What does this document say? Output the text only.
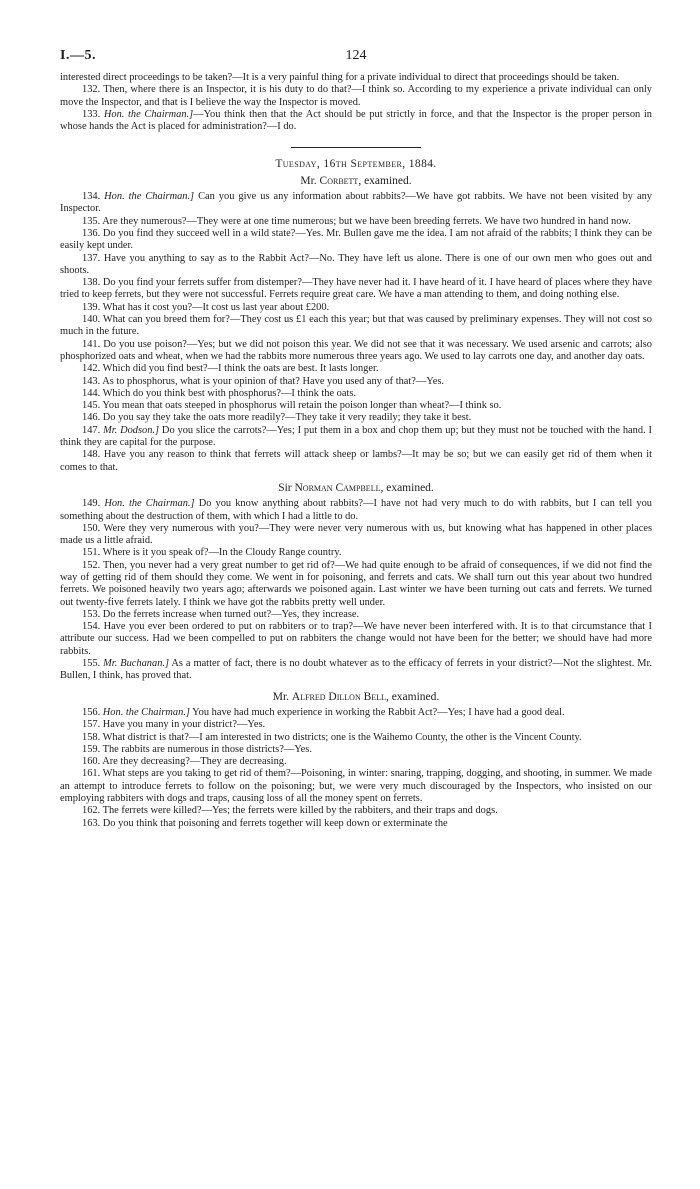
I.—5.	124

interested direct proceedings to be taken?—It is a very painful thing for a private individual to direct that proceedings should be taken.

132. Then, where there is an Inspector, it is his duty to do that?—I think so. According to my experience a private individual can only move the Inspector, and that is I believe the way the Inspector is moved.

133. Hon. the Chairman.]—You think then that the Act should be put strictly in force, and that the Inspector is the proper person in whose hands the Act is placed for administration?—I do.

Tuesday, 16th September, 1884.

Mr. Corbett, examined.

134. Hon. the Chairman.] Can you give us any information about rabbits?—We have got rabbits. We have not been visited by any Inspector.

135. Are they numerous?—They were at one time numerous; but we have been breeding ferrets. We have two hundred in hand now.

136. Do you find they succeed well in a wild state?—Yes. Mr. Bullen gave me the idea. I am not afraid of the rabbits; I think they can be easily kept under.

137. Have you anything to say as to the Rabbit Act?—No. They have left us alone. There is one of our own men who goes out and shoots.

138. Do you find your ferrets suffer from distemper?—They have never had it. I have heard of it. I have heard of places where they have tried to keep ferrets, but they were not successful. Ferrets require great care. We have a man attending to them, and doing nothing else.

139. What has it cost you?—It cost us last year about £200.

140. What can you breed them for?—They cost us £1 each this year; but that was caused by preliminary expenses. They will not cost so much in the future.

141. Do you use poison?—Yes; but we did not poison this year. We did not see that it was necessary. We used arsenic and carrots; also phosphorized oats and wheat, when we had the rabbits more numerous three years ago. We used to lay carrots one day, and another day oats.

142. Which did you find best?—I think the oats are best. It lasts longer.

143. As to phosphorus, what is your opinion of that? Have you used any of that?—Yes.

144. Which do you think best with phosphorus?—I think the oats.

145. You mean that oats steeped in phosphorus will retain the poison longer than wheat?—I think so.

146. Do you say they take the oats more readily?—They take it very readily; they take it best.

147. Mr. Dodson.] Do you slice the carrots?—Yes; I put them in a box and chop them up; but they must not be touched with the hand. I think they are capital for the purpose.

148. Have you any reason to think that ferrets will attack sheep or lambs?—It may be so; but we can easily get rid of them when it comes to that.

Sir Norman Campbell, examined.

149. Hon. the Chairman.] Do you know anything about rabbits?—I have not had very much to do with rabbits, but I can tell you something about the destruction of them, with which I had a little to do.

150. Were they very numerous with you?—They were never very numerous with us, but knowing what has happened in other places made us a little afraid.

151. Where is it you speak of?—In the Cloudy Range country.

152. Then, you never had a very great number to get rid of?—We had quite enough to be afraid of consequences, if we did not find the way of getting rid of them should they come. We went in for poisoning, and ferrets and cats. We shall turn out this year about two hundred ferrets. We poisoned heavily two years ago; afterwards we poisoned again. Last winter we have been turning out cats and ferrets. We turned out twenty-five ferrets lately. I think we have got the rabbits pretty well under.

153. Do the ferrets increase when turned out?—Yes, they increase.

154. Have you ever been ordered to put on rabbiters or to trap?—We have never been interfered with. It is to that circumstance that I attribute our success. Had we been compelled to put on rabbiters the change would not have been for the better; we should have had more rabbits.

155. Mr. Buchanan.] As a matter of fact, there is no doubt whatever as to the efficacy of ferrets in your district?—Not the slightest. Mr. Bullen, I think, has proved that.

Mr. Alfred Dillon Bell, examined.

156. Hon. the Chairman.] You have had much experience in working the Rabbit Act?—Yes; I have had a good deal.

157. Have you many in your district?—Yes.

158. What district is that?—I am interested in two districts; one is the Waihemo County, the other is the Vincent County.

159. The rabbits are numerous in those districts?—Yes.

160. Are they decreasing?—They are decreasing.

161. What steps are you taking to get rid of them?—Poisoning, in winter: snaring, trapping, dogging, and shooting, in summer. We made an attempt to introduce ferrets to follow on the poisoning; but, we were very much discouraged by the Inspectors, who insisted on our employing rabbiters with dogs and traps, causing loss of all the money spent on ferrets.

162. The ferrets were killed?—Yes; the ferrets were killed by the rabbiters, and their traps and dogs.

163. Do you think that poisoning and ferrets together will keep down or exterminate the
